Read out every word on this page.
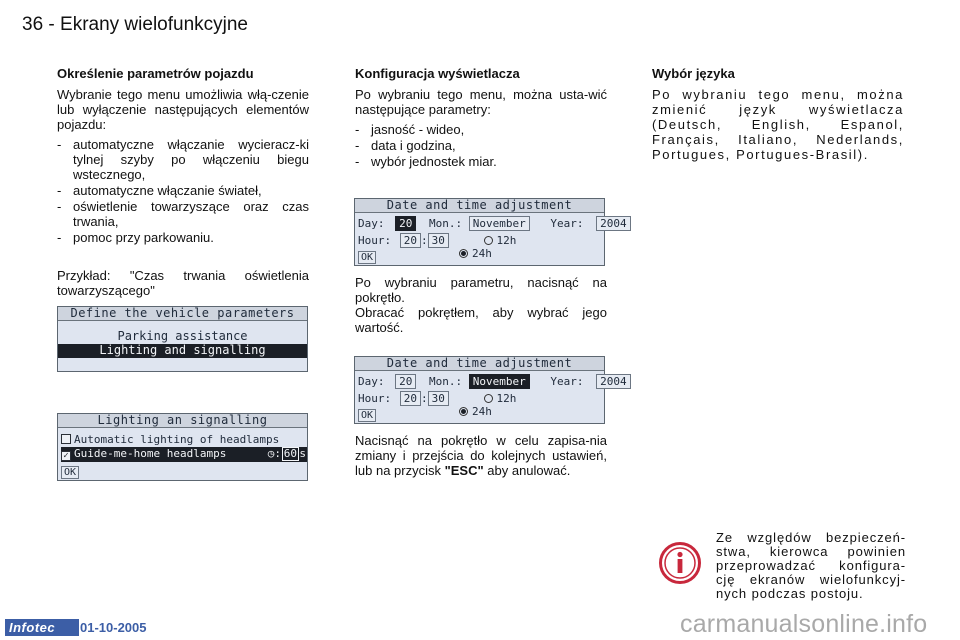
36 - Ekrany wielofunkcyjne
Określenie parametrów pojazdu

Wybranie tego menu umożliwia włą-czenie lub wyłączenie następujących elementów pojazdu:

- automatyczne włączanie wycieracz-ki tylnej szyby po włączeniu biegu wstecznego,
- automatyczne włączanie świateł,
- oświetlenie towarzyszące oraz czas trwania,
- pomoc przy parkowaniu.

Przykład: "Czas trwania oświetlenia towarzyszącego"

Define the vehicle parameters
Parking assistance
Lighting and signalling
Lighting an signalling
Automatic lighting of headlamps
✓ Guide-me-home headlamps	◷: 60 s
OK
Konfiguracja wyświetlacza

Po wybraniu tego menu, można usta-wić następujące parametry:

- jasność - wideo,
- data i godzina,
- wybór jednostek miar.
Date and time adjustment
Day: 20 Mon.: November Year: 2004
Hour: 20 : 30	12h
24h
OK

Po wybraniu parametru, nacisnąć na pokrętło.

Obracać pokrętłem, aby wybrać jego wartość.

Date and time adjustment
Day: 20 Mon.: November Year: 2004
Hour: 20 : 30	12h
24h
OK

Nacisnąć na pokrętło w celu zapisa-nia zmiany i przejścia do kolejnych ustawień, lub na przycisk "ESC" aby anulować.

Wybór języka

Po wybraniu tego menu, można zmienić język wyświetlacza (Deutsch, English, Espanol, Français, Italiano, Nederlands, Portugues, Portugues-Brasil).

Ze względów bezpieczeń-stwa, kierowca powinien przeprowadzać konfigura-cję ekranów wielofunkcyj-nych podczas postoju.
Infotec	01-10-2005	carmanualsonline.info
